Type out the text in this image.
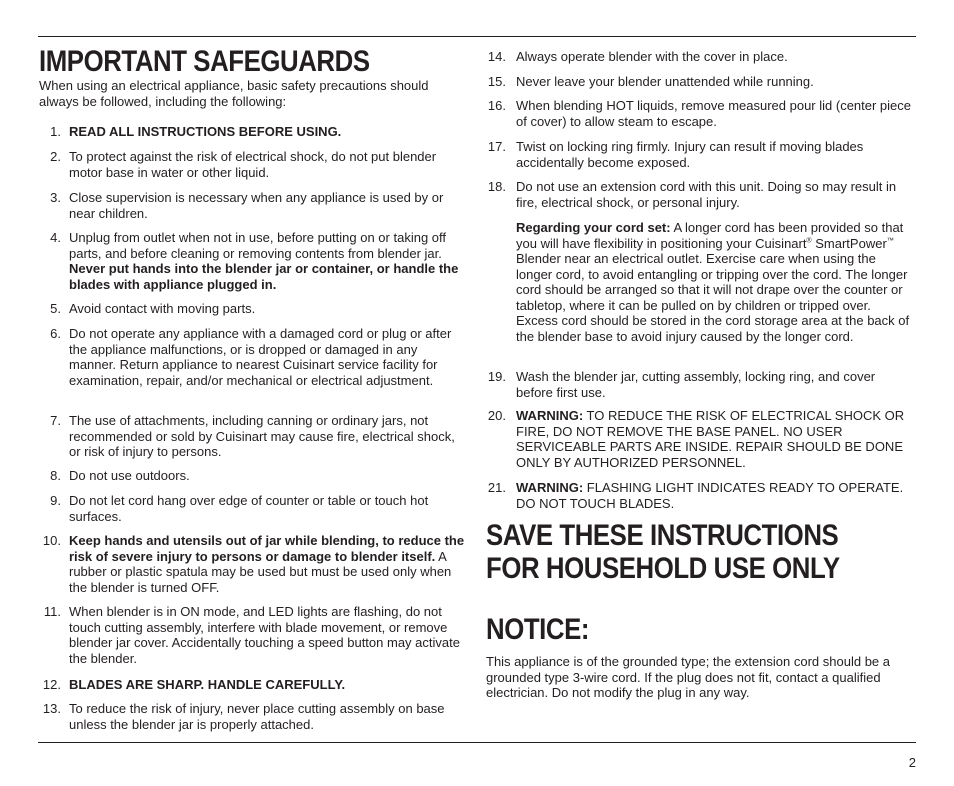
IMPORTANT SAFEGUARDS
When using an electrical appliance, basic safety precautions should always be followed, including the following:
1. READ ALL INSTRUCTIONS BEFORE USING.
2. To protect against the risk of electrical shock, do not put blender motor base in water or other liquid.
3. Close supervision is necessary when any appliance is used by or near children.
4. Unplug from outlet when not in use, before putting on or taking off parts, and before cleaning or removing contents from blender jar. Never put hands into the blender jar or container, or handle the blades with appliance plugged in.
5. Avoid contact with moving parts.
6. Do not operate any appliance with a damaged cord or plug or after the appliance malfunctions, or is dropped or damaged in any manner. Return appliance to nearest Cuisinart service facility for examination, repair, and/or mechanical or electrical adjustment.
7. The use of attachments, including canning or ordinary jars, not recommended or sold by Cuisinart may cause fire, electrical shock, or risk of injury to persons.
8. Do not use outdoors.
9. Do not let cord hang over edge of counter or table or touch hot surfaces.
10. Keep hands and utensils out of jar while blending, to reduce the risk of severe injury to persons or damage to blender itself. A rubber or plastic spatula may be used but must be used only when the blender is turned OFF.
11. When blender is in ON mode, and LED lights are flashing, do not touch cutting assembly, interfere with blade movement, or remove blender jar cover. Accidentally touching a speed button may activate the blender.
12. BLADES ARE SHARP. HANDLE CAREFULLY.
13. To reduce the risk of injury, never place cutting assembly on base unless the blender jar is properly attached.
14. Always operate blender with the cover in place.
15. Never leave your blender unattended while running.
16. When blending HOT liquids, remove measured pour lid (center piece of cover) to allow steam to escape.
17. Twist on locking ring firmly. Injury can result if moving blades accidentally become exposed.
18. Do not use an extension cord with this unit. Doing so may result in fire, electrical shock, or personal injury.
Regarding your cord set: A longer cord has been provided so that you will have flexibility in positioning your Cuisinart® SmartPower™ Blender near an electrical outlet. Exercise care when using the longer cord, to avoid entangling or tripping over the cord. The longer cord should be arranged so that it will not drape over the counter or tabletop, where it can be pulled on by children or tripped over. Excess cord should be stored in the cord storage area at the back of the blender base to avoid injury caused by the longer cord.
19. Wash the blender jar, cutting assembly, locking ring, and cover before first use.
20. WARNING: TO REDUCE THE RISK OF ELECTRICAL SHOCK OR FIRE, DO NOT REMOVE THE BASE PANEL. NO USER SERVICEABLE PARTS ARE INSIDE. REPAIR SHOULD BE DONE ONLY BY AUTHORIZED PERSONNEL.
21. WARNING: FLASHING LIGHT INDICATES READY TO OPERATE. DO NOT TOUCH BLADES.
SAVE THESE INSTRUCTIONS
FOR HOUSEHOLD USE ONLY
NOTICE:
This appliance is of the grounded type; the extension cord should be a grounded type 3-wire cord. If the plug does not fit, contact a qualified electrician. Do not modify the plug in any way.
2
